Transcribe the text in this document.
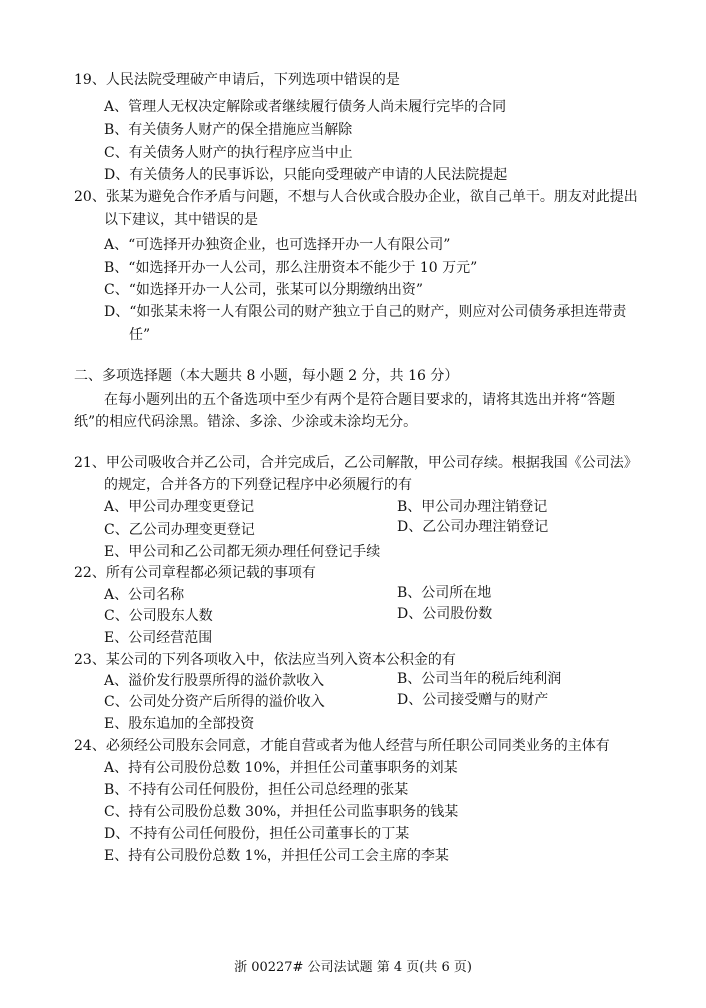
19、人民法院受理破产申请后，下列选项中错误的是
A、管理人无权决定解除或者继续履行债务人尚未履行完毕的合同
B、有关债务人财产的保全措施应当解除
C、有关债务人财产的执行程序应当中止
D、有关债务人的民事诉讼，只能向受理破产申请的人民法院提起
20、张某为避免合作矛盾与问题，不想与人合伙或合股办企业，欲自己单干。朋友对此提出
以下建议，其中错误的是
A、“可选择开办独资企业，也可选择开办一人有限公司”
B、“如选择开办一人公司，那么注册资本不能少于 10 万元”
C、“如选择开办一人公司，张某可以分期缴纳出资”
D、“如张某未将一人有限公司的财产独立于自己的财产，则应对公司债务承担连带责
任”
二、多项选择题（本大题共 8 小题，每小题 2 分，共 16 分）
在每小题列出的五个备选项中至少有两个是符合题目要求的，请将其选出并将“答题
纸”的相应代码涂黑。错涂、多涂、少涂或未涂均无分。
21、甲公司吸收合并乙公司，合并完成后，乙公司解散，甲公司存续。根据我国《公司法》
的规定，合并各方的下列登记程序中必须履行的有
A、甲公司办理变更登记	B、甲公司办理注销登记
C、乙公司办理变更登记	D、乙公司办理注销登记
E、甲公司和乙公司都无须办理任何登记手续
22、所有公司章程都必须记载的事项有
A、公司名称	B、公司所在地
C、公司股东人数	D、公司股份数
E、公司经营范围
23、某公司的下列各项收入中，依法应当列入资本公积金的有
A、溢价发行股票所得的溢价款收入	B、公司当年的税后纯利润
C、公司处分资产后所得的溢价收入	D、公司接受赠与的财产
E、股东追加的全部投资
24、必须经公司股东会同意，才能自营或者为他人经营与所任职公司同类业务的主体有
A、持有公司股份总数 10%，并担任公司董事职务的刘某
B、不持有公司任何股份，担任公司总经理的张某
C、持有公司股份总数 30%，并担任公司监事职务的钱某
D、不持有公司任何股份，担任公司董事长的丁某
E、持有公司股份总数 1%，并担任公司工会主席的李某
浙 00227# 公司法试题 第 4 页(共 6 页)
